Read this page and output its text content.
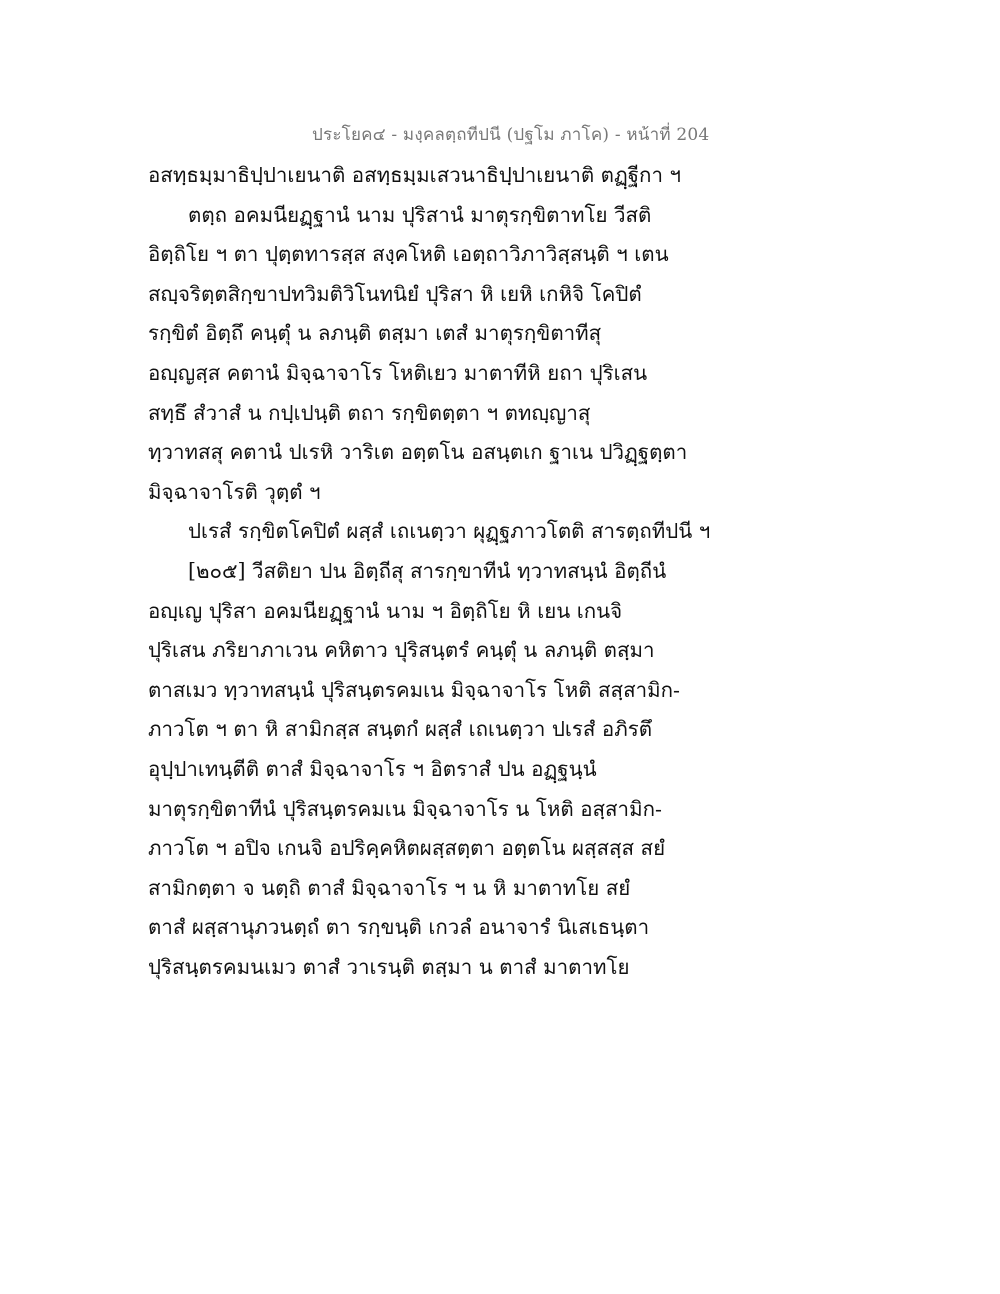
ประโยค๔ - มงฺคลตฺถทีปนี (ปฐโม ภาโค) - หน้าที่ 204
อสทฺธมฺมาธิปฺปาเยนาติ อสทฺธมฺมเสวนาธิปฺปาเยนาติ ตฏฺฐีกา ฯ
ตตฺถ อคมนียฏฺฐานํ นาม ปุริสานํ มาตุรกฺขิตาทโย วีสติ
อิตฺถิโย ฯ ตา ปุตฺตทารสฺส สงฺคโหติ เอตฺถาวิภาวิสฺสนฺติ ฯ เตน
สญฺจริตฺตสิกฺขาปทวิมติวิโนทนิยํ ปุริสา หิ เยหิ เกหิจิ โคปิตํ
รกฺขิตํ อิตฺถึ คนฺตุํ น ลภนฺติ ตสฺมา เตสํ มาตุรกฺขิตาทีสุ
อญฺญสฺส คตานํ มิจฺฉาจาโร โหติเยว มาตาทีหิ ยถา ปุริเสน
สทฺธึ สํวาสํ น กปฺเปนฺติ ตถา รกฺขิตตฺตา ฯ ตทญฺญาสุ
ทฺวาทสสุ คตานํ ปเรหิ วาริเต อตฺตโน อสนฺตเก ฐาเน ปวิฏฺฐตฺตา
มิจฺฉาจาโรติ วุตฺตํ ฯ
ปเรสํ รกฺขิตโคปิตํ ผสฺสํ เถเนตฺวา ผุฏฺฐภาวโตติ สารตฺถทีปนี ฯ
[๒๐๕] วีสติยา ปน อิตฺถีสุ สารกฺขาทีนํ ทฺวาทสนฺนํ อิตฺถีนํ
อญฺเญ ปุริสา อคมนียฏฺฐานํ นาม ฯ อิตฺถิโย หิ เยน เกนจิ
ปุริเสน ภริยาภาเวน คหิตาว ปุริสนฺตรํ คนฺตุํ น ลภนฺติ ตสฺมา
ตาสเมว ทฺวาทสนฺนํ ปุริสนฺตรคมเน มิจฺฉาจาโร โหติ สสฺสามิก-
ภาวโต ฯ ตา หิ สามิกสฺส สนฺตกํ ผสฺสํ เถเนตฺวา ปเรสํ อภิรตึ
อุปฺปาเทนฺตีติ ตาสํ มิจฺฉาจาโร ฯ อิตราสํ ปน อฏฺฐนฺนํ
มาตุรกฺขิตาทีนํ ปุริสนฺตรคมเน มิจฺฉาจาโร น โหติ อสฺสามิก-
ภาวโต ฯ อปิจ เกนจิ อปริคฺคหิตผสฺสตฺตา อตฺตโน ผสฺสสฺส สยํ
สามิกตฺตา จ นตฺถิ ตาสํ มิจฺฉาจาโร ฯ น หิ มาตาทโย สยํ
ตาสํ ผสฺสานุภวนตฺถํ ตา รกฺขนฺติ เกวลํ อนาจารํ นิเสเธนฺตา
ปุริสนฺตรคมนเมว ตาสํ วาเรนฺติ ตสฺมา น ตาสํ มาตาทโย
